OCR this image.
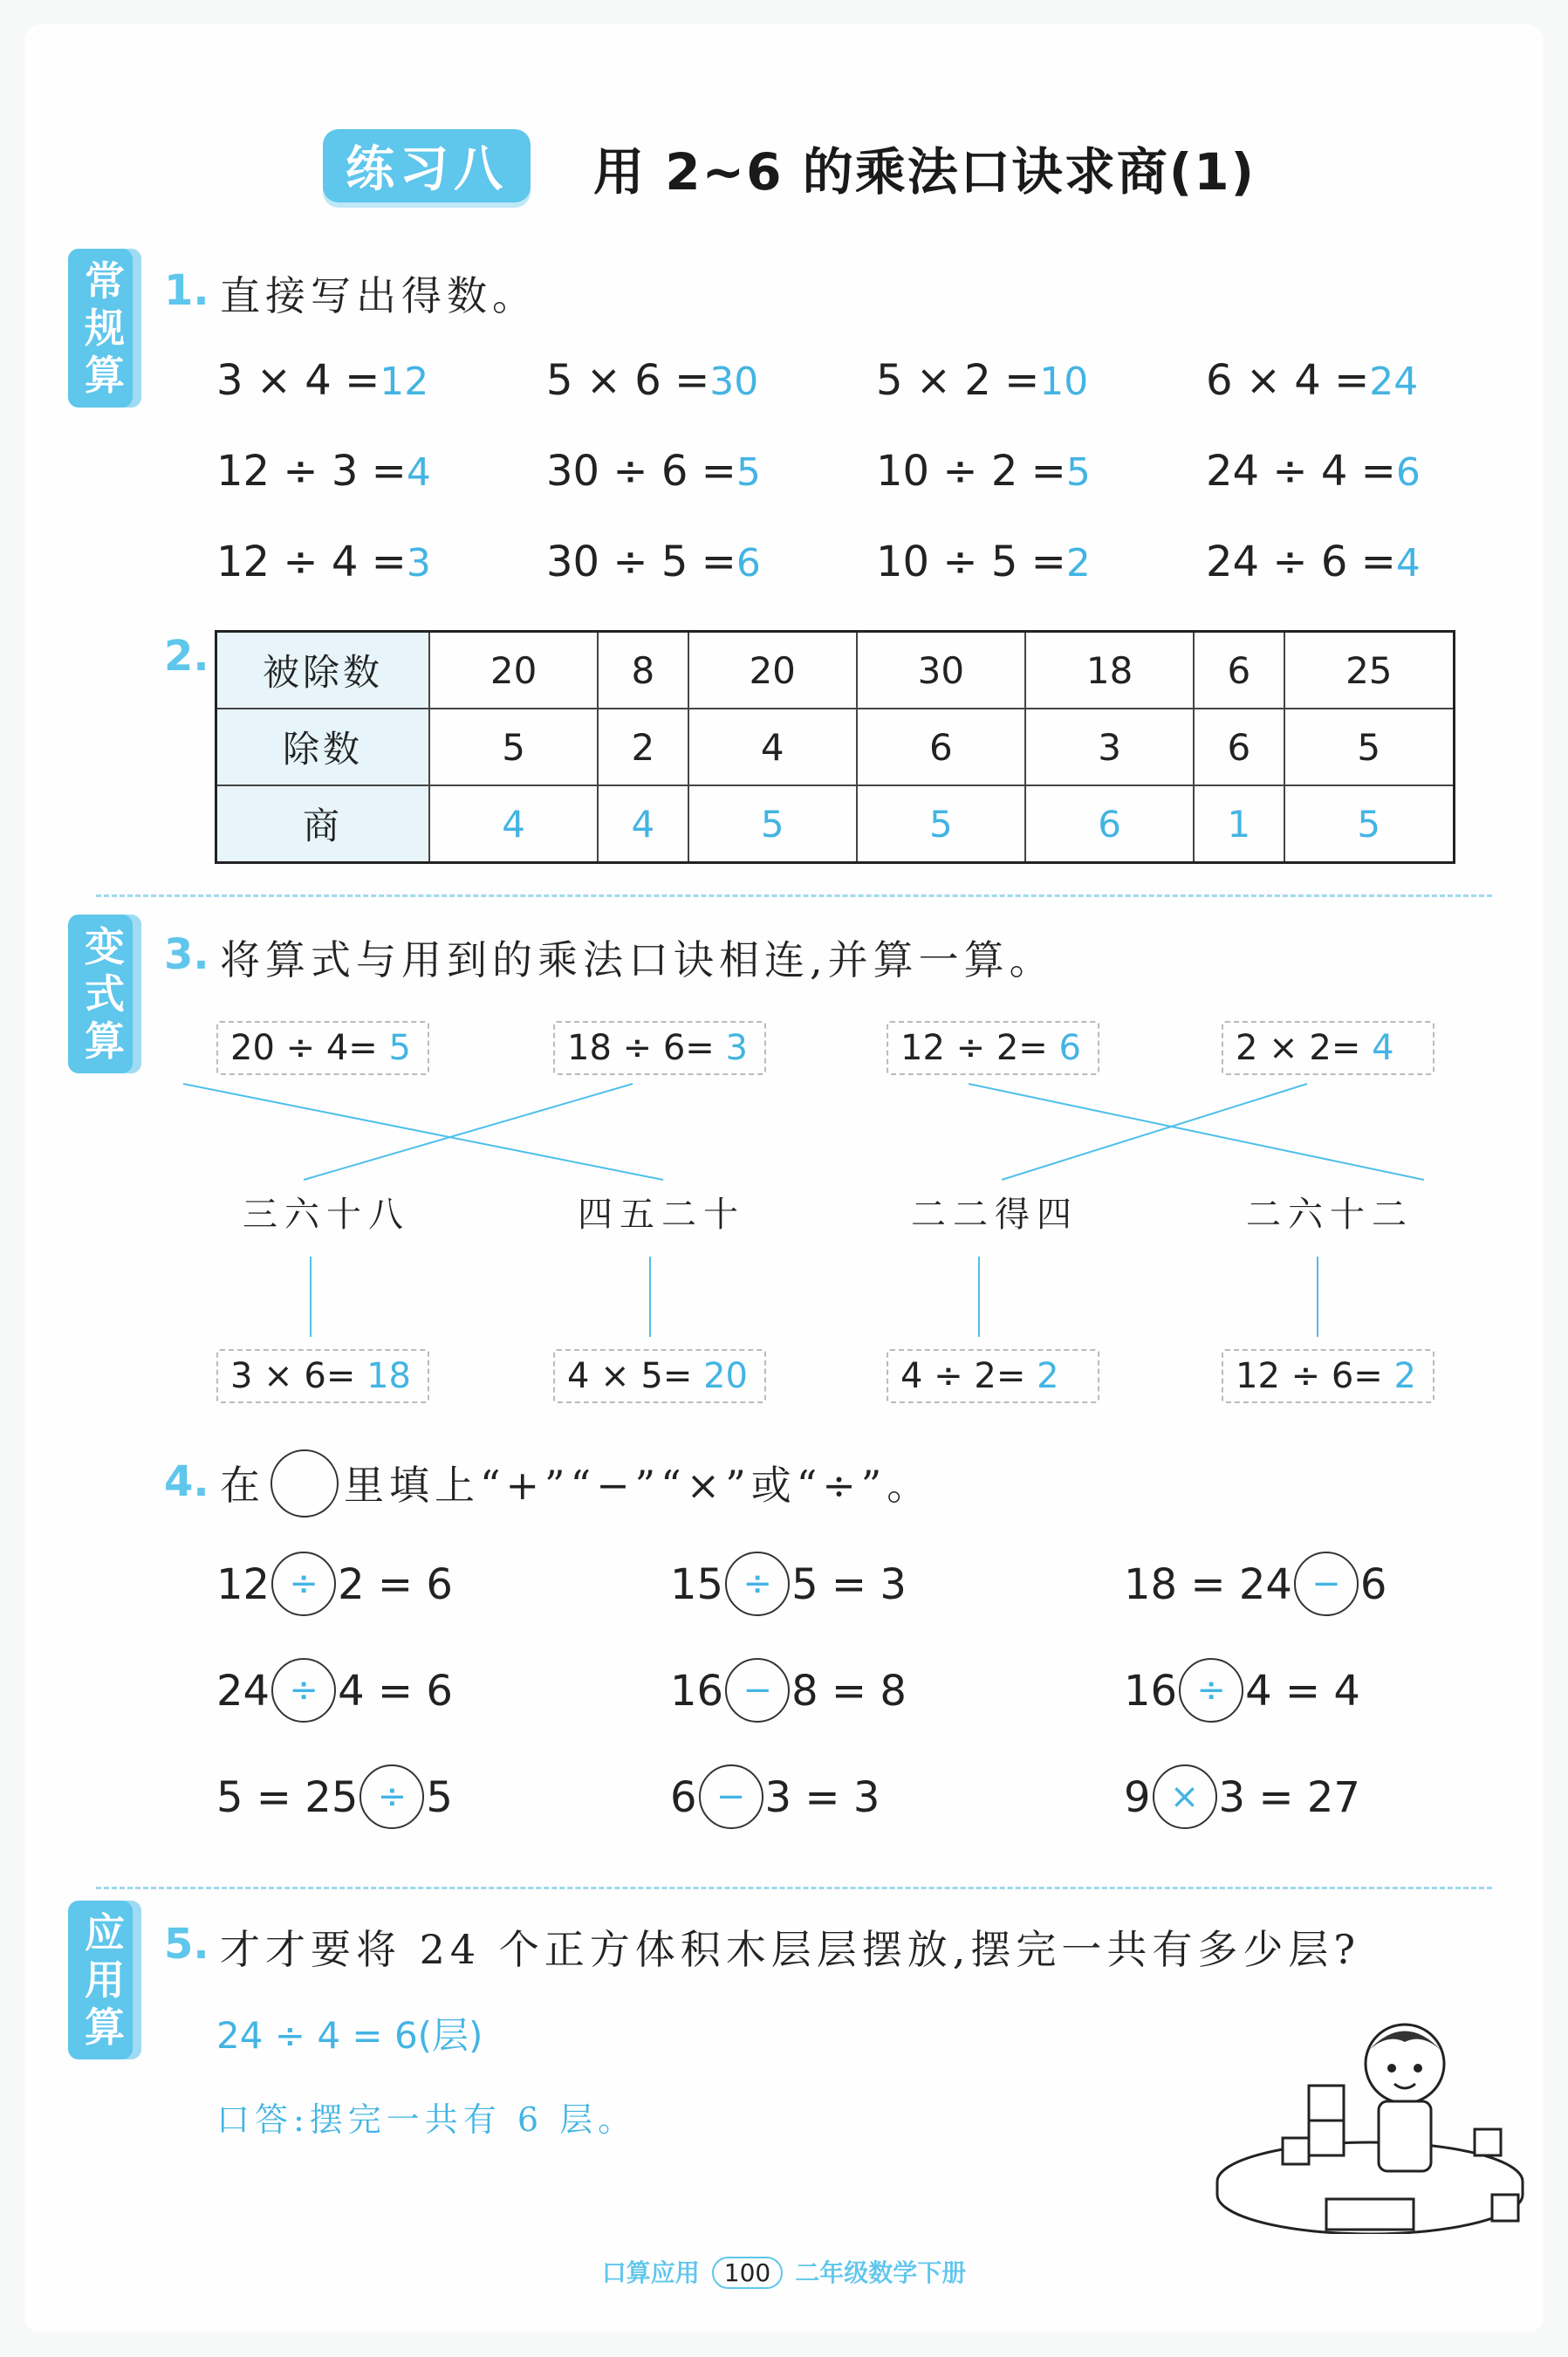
练习八	用 2~6 的乘法口诀求商(1)
常规算
变式算
应用算
1. 直接写出得数。
3 × 4 =12	5 × 6 =30	5 × 2 =10	6 × 4 =24
12 ÷ 3 =4	30 ÷ 6 =5	10 ÷ 2 =5	24 ÷ 4 =6
12 ÷ 4 =3	30 ÷ 5 =6	10 ÷ 5 =2	24 ÷ 6 =4
2. 被除数	20	8	20	30	18	6	25
除数	5	2	4	6	3	6	5
商	4	4	5	5	6	1	5
3. 将算式与用到的乘法口诀相连,并算一算。
20 ÷ 4=
5	18 ÷ 6=
3	12 ÷ 2=
6	2 × 2=
4
三六十八	四五二十	二二得四	二六十二
3 × 6=
18	4 × 5=
20	4 ÷ 2=
2	12 ÷ 6=
2
4. 在 里填上“+”“−”“×”或“÷”。
12 ÷ 2 = 6	15 ÷ 5 = 3	18 = 24 − 6
24 ÷ 4 = 6	16 − 8 = 8	16 ÷ 4 = 4
5 = 25 ÷ 5	6 − 3 = 3	9 × 3 = 27
5. 才才要将 24 个正方体积木层层摆放,摆完一共有多少层?
24 ÷ 4 = 6(层)
口答:摆完一共有 6 层。
口算应用 100 二年级数学下册
